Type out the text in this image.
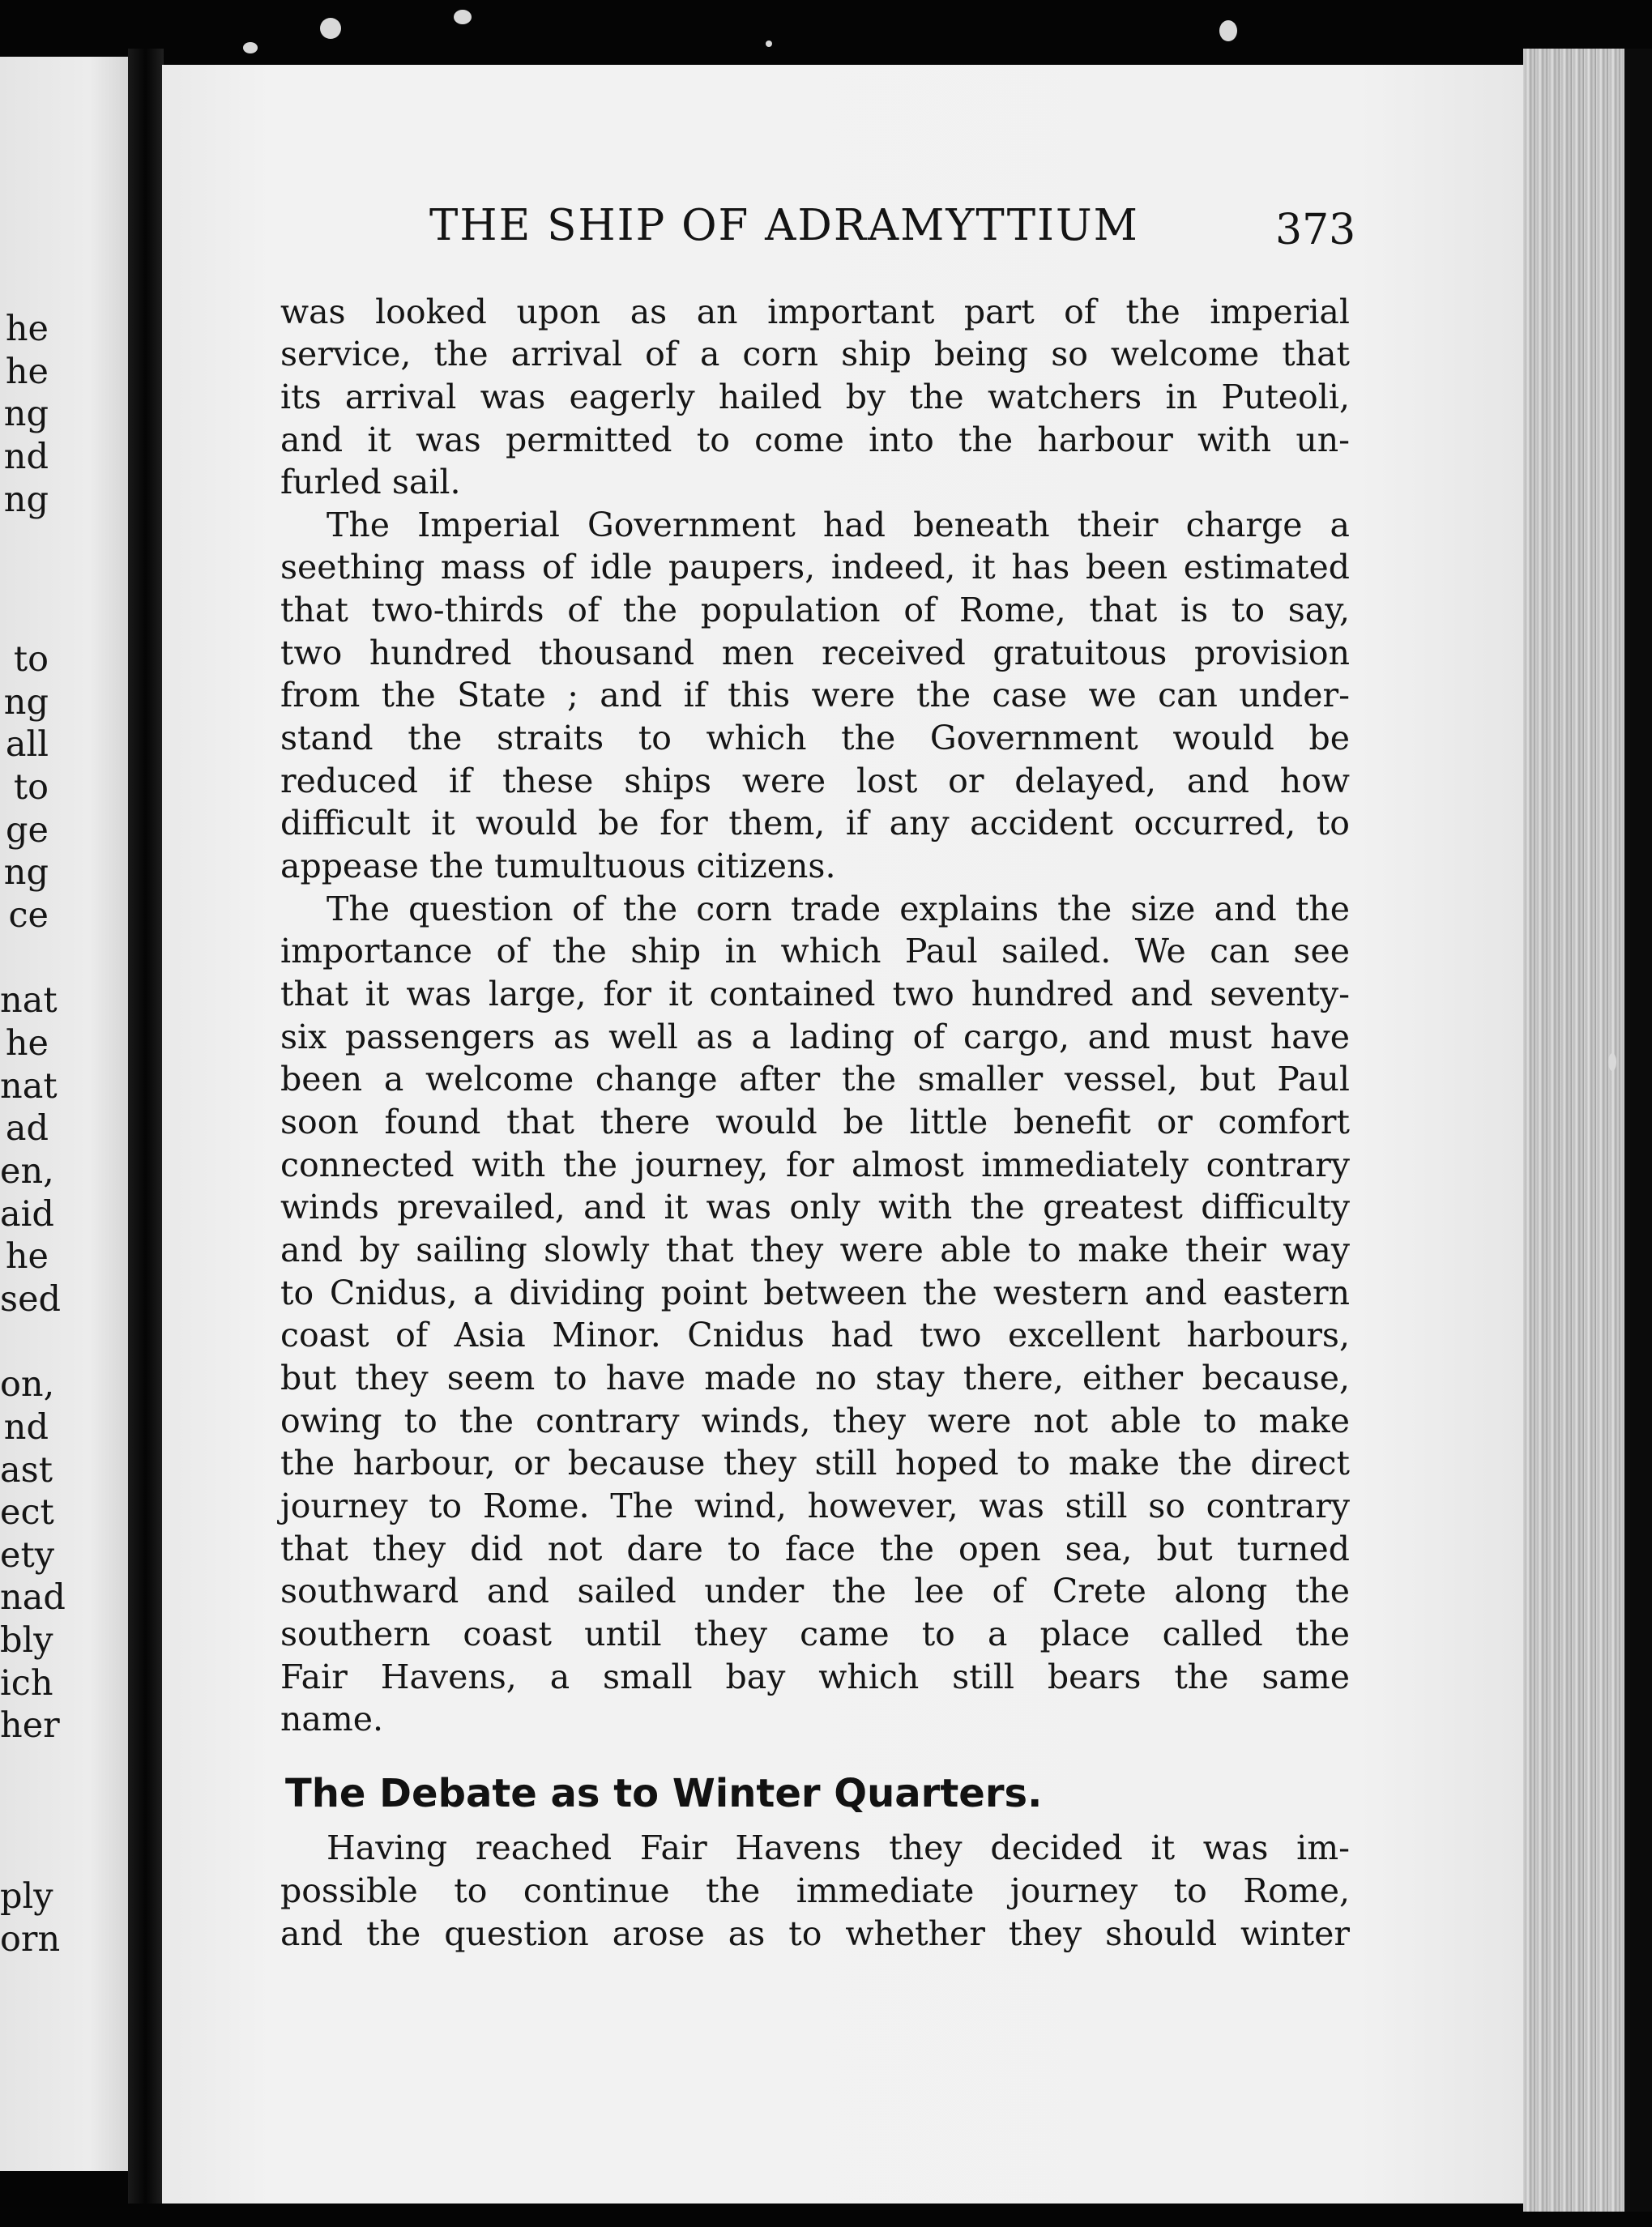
he
he
ng
nd
ng
to
ng
all
to
ge
ng
ce
nat
he
nat
ad
en,
aid
he
sed
on,
nd
ast
ect
ety
nad
bly
ich
her
ply
orn
THE SHIP OF ADRAMYTTIUM	373
was looked upon as an important part of the imperial
service, the arrival of a corn ship being so welcome that
its arrival was eagerly hailed by the watchers in Puteoli,
and it was permitted to come into the harbour with un-
furled sail.
The Imperial Government had beneath their charge a
seething mass of idle paupers, indeed, it has been estimated
that two-thirds of the population of Rome, that is to say,
two hundred thousand men received gratuitous provision
from the State ; and if this were the case we can under-
stand the straits to which the Government would be
reduced if these ships were lost or delayed, and how
difficult it would be for them, if any accident occurred, to
appease the tumultuous citizens.
The question of the corn trade explains the size and the
importance of the ship in which Paul sailed. We can see
that it was large, for it contained two hundred and seventy-
six passengers as well as a lading of cargo, and must have
been a welcome change after the smaller vessel, but Paul
soon found that there would be little benefit or comfort
connected with the journey, for almost immediately contrary
winds prevailed, and it was only with the greatest difficulty
and by sailing slowly that they were able to make their way
to Cnidus, a dividing point between the western and eastern
coast of Asia Minor. Cnidus had two excellent harbours,
but they seem to have made no stay there, either because,
owing to the contrary winds, they were not able to make
the harbour, or because they still hoped to make the direct
journey to Rome. The wind, however, was still so contrary
that they did not dare to face the open sea, but turned
southward and sailed under the lee of Crete along the
southern coast until they came to a place called the
Fair Havens, a small bay which still bears the same
name.
The Debate as to Winter Quarters.
Having reached Fair Havens they decided it was im-
possible to continue the immediate journey to Rome,
and the question arose as to whether they should winter
